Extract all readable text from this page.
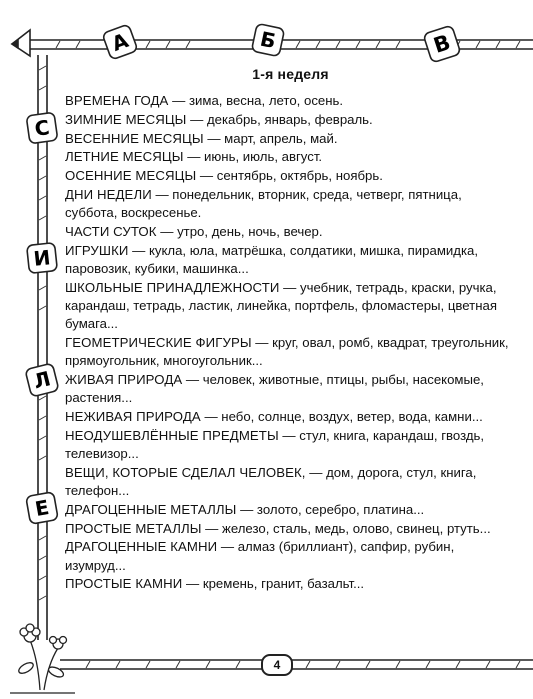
А	Б	В
С
И
Л
Е
1-я неделя
ВРЕМЕНА ГОДА — зима, весна, лето, осень.
ЗИМНИЕ МЕСЯЦЫ — декабрь, январь, февраль.
ВЕСЕННИЕ МЕСЯЦЫ — март, апрель, май.
ЛЕТНИЕ МЕСЯЦЫ — июнь, июль, август.
ОСЕННИЕ МЕСЯЦЫ — сентябрь, октябрь, ноябрь.
ДНИ НЕДЕЛИ — понедельник, вторник, среда, четверг, пятница, суббота, воскресенье.
ЧАСТИ СУТОК — утро, день, ночь, вечер.
ИГРУШКИ — кукла, юла, матрёшка, солдатики, мишка, пирамидка, паровозик, кубики, машинка...
ШКОЛЬНЫЕ ПРИНАДЛЕЖНОСТИ — учебник, тетрадь, краски, ручка, карандаш, тетрадь, ластик, линейка, портфель, фломастеры, цветная бумага...
ГЕОМЕТРИЧЕСКИЕ ФИГУРЫ — круг, овал, ромб, квадрат, треугольник, прямоугольник, многоугольник...
ЖИВАЯ ПРИРОДА — человек, животные, птицы, рыбы, насекомые, растения...
НЕЖИВАЯ ПРИРОДА — небо, солнце, воздух, ветер, вода, камни...
НЕОДУШЕВЛЁННЫЕ ПРЕДМЕТЫ — стул, книга, карандаш, гвоздь, телевизор...
ВЕЩИ, КОТОРЫЕ СДЕЛАЛ ЧЕЛОВЕК, — дом, дорога, стул, книга, телефон...
ДРАГОЦЕННЫЕ МЕТАЛЛЫ — золото, серебро, платина...
ПРОСТЫЕ МЕТАЛЛЫ — железо, сталь, медь, олово, свинец, ртуть...
ДРАГОЦЕННЫЕ КАМНИ — алмаз (бриллиант), сапфир, рубин, изумруд...
ПРОСТЫЕ КАМНИ — кремень, гранит, базальт...
4
